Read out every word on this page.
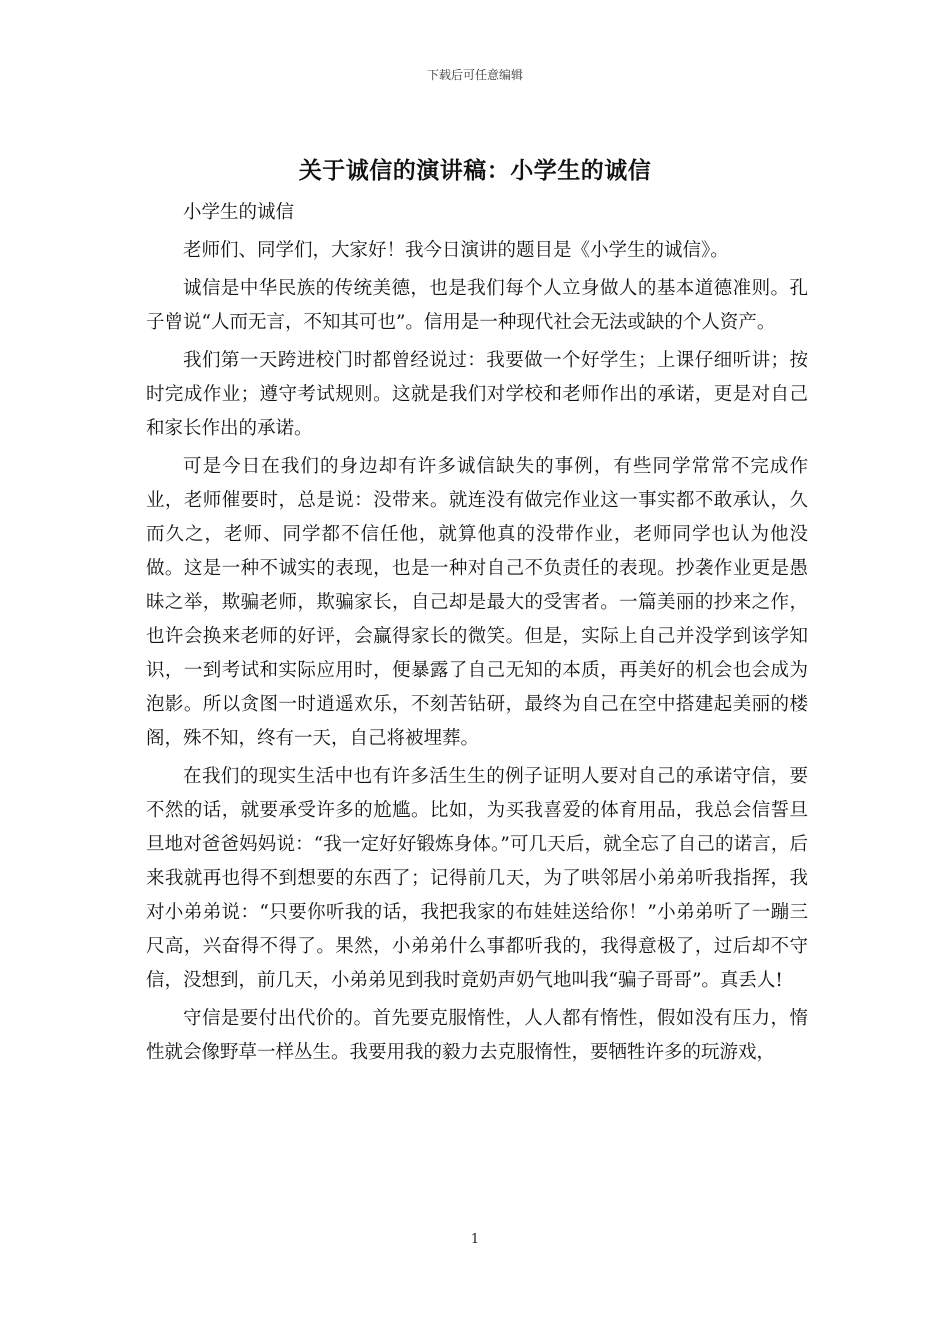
下载后可任意编辑
关于诚信的演讲稿：小学生的诚信

小学生的诚信

老师们、同学们，大家好！我今日演讲的题目是《小学生的诚信》。

诚信是中华民族的传统美德，也是我们每个人立身做人的基本道德准则。孔子曾说“人而无言，不知其可也”。信用是一种现代社会无法或缺的个人资产。

我们第一天跨进校门时都曾经说过：我要做一个好学生；上课仔细听讲；按时完成作业；遵守考试规则。这就是我们对学校和老师作出的承诺，更是对自己和家长作出的承诺。

可是今日在我们的身边却有许多诚信缺失的事例，有些同学常常不完成作业，老师催要时，总是说：没带来。就连没有做完作业这一事实都不敢承认，久而久之，老师、同学都不信任他，就算他真的没带作业，老师同学也认为他没做。这是一种不诚实的表现，也是一种对自己不负责任的表现。抄袭作业更是愚昧之举，欺骗老师，欺骗家长，自己却是最大的受害者。一篇美丽的抄来之作，也许会换来老师的好评，会赢得家长的微笑。但是，实际上自己并没学到该学知识，一到考试和实际应用时，便暴露了自己无知的本质，再美好的机会也会成为泡影。所以贪图一时逍遥欢乐，不刻苦钻研，最终为自己在空中搭建起美丽的楼阁，殊不知，终有一天，自己将被埋葬。

在我们的现实生活中也有许多活生生的例子证明人要对自己的承诺守信，要不然的话，就要承受许多的尬尴。比如，为买我喜爱的体育用品，我总会信誓旦旦地对爸爸妈妈说：“我一定好好锻炼身体。”可几天后，就全忘了自己的诺言，后来我就再也得不到想要的东西了；记得前几天，为了哄邻居小弟弟听我指挥，我对小弟弟说：“只要你听我的话，我把我家的布娃娃送给你！”小弟弟听了一蹦三尺高，兴奋得不得了。果然，小弟弟什么事都听我的，我得意极了，过后却不守信，没想到，前几天，小弟弟见到我时竟奶声奶气地叫我“骗子哥哥”。真丢人!

守信是要付出代价的。首先要克服惰性，人人都有惰性，假如没有压力，惰性就会像野草一样丛生。我要用我的毅力去克服惰性，要牺牲许多的玩游戏，

1
